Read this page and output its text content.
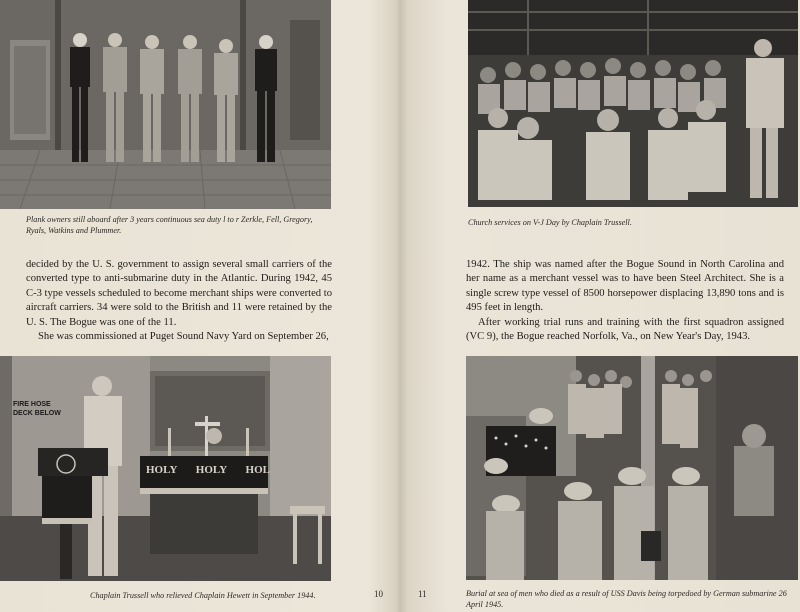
Plank owners still aboard after 3 years continuous sea duty l to r Zerkle, Fell, Gregory, Ryals, Watkins and Plummer.

decided by the U. S. government to assign several small carriers of the converted type to anti-submarine duty in the Atlantic. During 1942, 45 C-3 type vessels scheduled to become merchant ships were converted to aircraft carriers. 34 were sold to the British and 11 were retained by the U. S. The Bogue was one of the 11.

She was commissioned at Puget Sound Navy Yard on September 26,

FIRE HOSE
DECK BELOW
HOLY HOLY HOL
Chaplain Trussell who relieved Chaplain Hewett in September 1944.	10
Church services on V-J Day by Chaplain Trussell.

1942. The ship was named after the Bogue Sound in North Carolina and her name as a merchant vessel was to have been Steel Architect. She is a single screw type vessel of 8500 horsepower displacing 13,890 tons and is 495 feet in length.

After working trial runs and training with the first squadron assigned (VC 9), the Bogue reached Norfolk, Va., on New Year's Day, 1943.

Burial at sea of men who died as a result of USS Davis being torpedoed by German submarine 26 April 1945.
11
